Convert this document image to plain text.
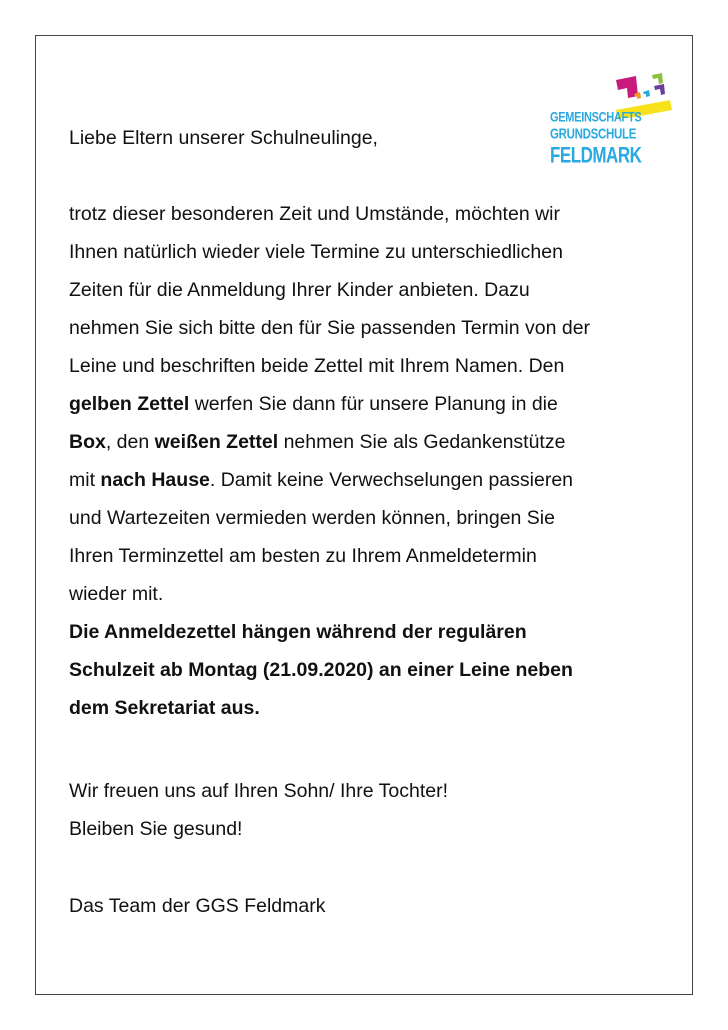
GEMEINSCHAFTS
GRUNDSCHULE
FELDMARK
Liebe Eltern unserer Schulneulinge,
trotz dieser besonderen Zeit und Umstände, möchten wir
Ihnen natürlich wieder viele Termine zu unterschiedlichen
Zeiten für die Anmeldung Ihrer Kinder anbieten. Dazu
nehmen Sie sich bitte den für Sie passenden Termin von der
Leine und beschriften beide Zettel mit Ihrem Namen. Den
gelben Zettel werfen Sie dann für unsere Planung in die
Box, den weißen Zettel nehmen Sie als Gedankenstütze
mit nach Hause. Damit keine Verwechselungen passieren
und Wartezeiten vermieden werden können, bringen Sie
Ihren Terminzettel am besten zu Ihrem Anmeldetermin
wieder mit.
Die Anmeldezettel hängen während der regulären
Schulzeit ab Montag (21.09.2020) an einer Leine neben
dem Sekretariat aus.
Wir freuen uns auf Ihren Sohn/ Ihre Tochter!
Bleiben Sie gesund!
Das Team der GGS Feldmark
